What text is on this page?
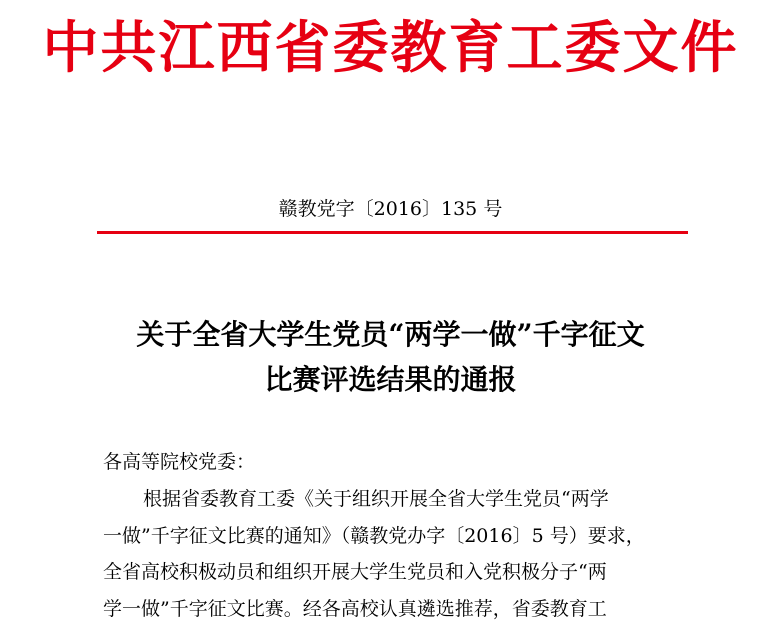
中共江西省委教育工委文件
赣教党字〔2016〕135 号
关于全省大学生党员“两学一做”千字征文
比赛评选结果的通报
各高等院校党委：
根据省委教育工委《关于组织开展全省大学生党员“两学
一做”千字征文比赛的通知》（赣教党办字〔2016〕5 号）要求，
全省高校积极动员和组织开展大学生党员和入党积极分子“两
学一做”千字征文比赛。经各高校认真遴选推荐，省委教育工
